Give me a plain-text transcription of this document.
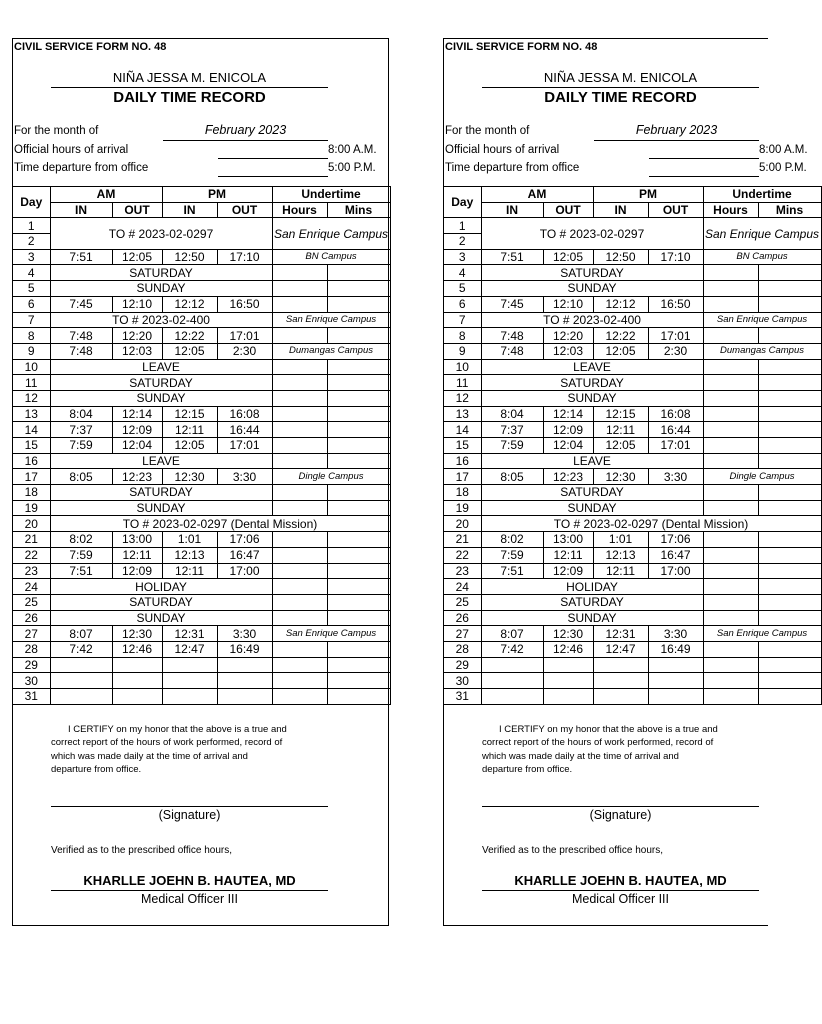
CIVIL SERVICE FORM NO. 48
NIÑA JESSA M. ENICOLA
DAILY TIME RECORD
For the month of	February 2023
Official hours of arrival	8:00 A.M.
Time departure from office	5:00 P.M.
Day	AM		PM		Undertime	
	IN	OUT	IN	OUT	Hours	Mins
1	TO # 2023-02-0297				San Enrique Campus	
2						
3	7:51	12:05	12:50	17:10	BN Campus	
4	SATURDAY					
5	SUNDAY					
6	7:45	12:10	12:12	16:50		
7	TO # 2023-02-400				San Enrique Campus	
8	7:48	12:20	12:22	17:01		
9	7:48	12:03	12:05	2:30	Dumangas Campus	
10	LEAVE					
11	SATURDAY					
12	SUNDAY					
13	8:04	12:14	12:15	16:08		
14	7:37	12:09	12:11	16:44		
15	7:59	12:04	12:05	17:01		
16	LEAVE					
17	8:05	12:23	12:30	3:30	Dingle Campus	
18	SATURDAY					
19	SUNDAY					
20	TO # 2023-02-0297 (Dental Mission)					
21	8:02	13:00	1:01	17:06		
22	7:59	12:11	12:13	16:47		
23	7:51	12:09	12:11	17:00		
24	HOLIDAY					
25	SATURDAY					
26	SUNDAY					
27	8:07	12:30	12:31	3:30	San Enrique Campus	
28	7:42	12:46	12:47	16:49		
29						
30						
31						

I CERTIFY on my honor that the above is a true and

correct report of the hours of work performed, record of

which was made daily at the time of arrival and

departure from office.

(Signature)
Verified as to the prescribed office hours,
KHARLLE JOEHN B. HAUTEA, MD
Medical Officer III
CIVIL SERVICE FORM NO. 48
NIÑA JESSA M. ENICOLA
DAILY TIME RECORD
For the month of	February 2023
Official hours of arrival	8:00 A.M.
Time departure from office	5:00 P.M.
Day	AM		PM		Undertime	
	IN	OUT	IN	OUT	Hours	Mins
1	TO # 2023-02-0297				San Enrique Campus	
2						
3	7:51	12:05	12:50	17:10	BN Campus	
4	SATURDAY					
5	SUNDAY					
6	7:45	12:10	12:12	16:50		
7	TO # 2023-02-400				San Enrique Campus	
8	7:48	12:20	12:22	17:01		
9	7:48	12:03	12:05	2:30	Dumangas Campus	
10	LEAVE					
11	SATURDAY					
12	SUNDAY					
13	8:04	12:14	12:15	16:08		
14	7:37	12:09	12:11	16:44		
15	7:59	12:04	12:05	17:01		
16	LEAVE					
17	8:05	12:23	12:30	3:30	Dingle Campus	
18	SATURDAY					
19	SUNDAY					
20	TO # 2023-02-0297 (Dental Mission)					
21	8:02	13:00	1:01	17:06		
22	7:59	12:11	12:13	16:47		
23	7:51	12:09	12:11	17:00		
24	HOLIDAY					
25	SATURDAY					
26	SUNDAY					
27	8:07	12:30	12:31	3:30	San Enrique Campus	
28	7:42	12:46	12:47	16:49		
29						
30						
31						

I CERTIFY on my honor that the above is a true and

correct report of the hours of work performed, record of

which was made daily at the time of arrival and

departure from office.

(Signature)
Verified as to the prescribed office hours,
KHARLLE JOEHN B. HAUTEA, MD
Medical Officer III
